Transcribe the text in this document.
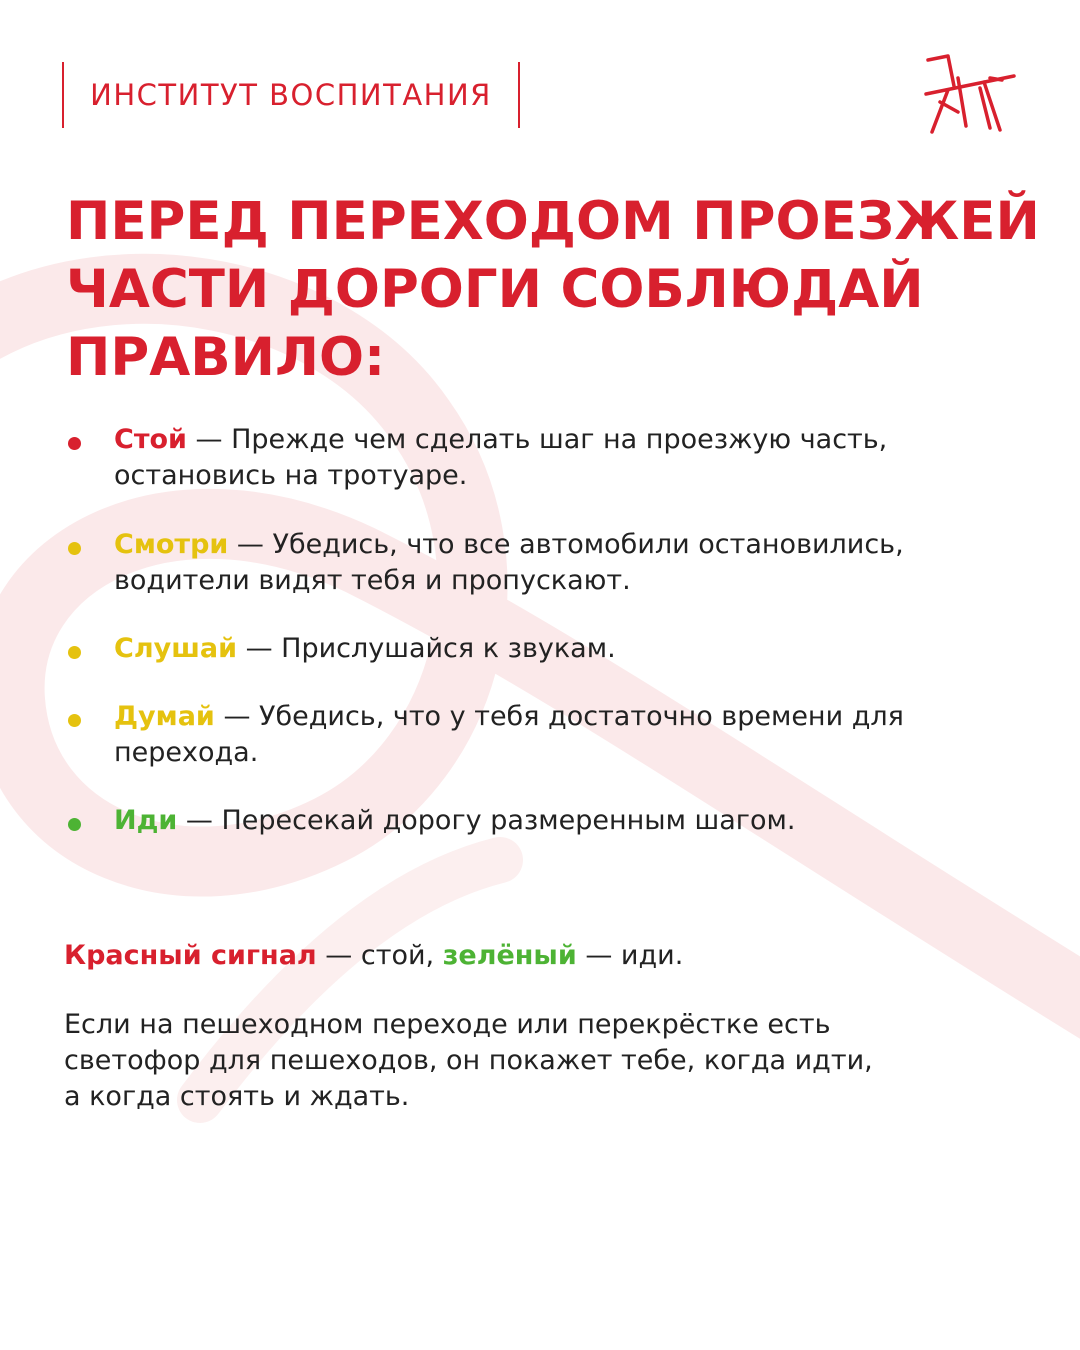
ИНСТИТУТ ВОСПИТАНИЯ
ПЕРЕД ПЕРЕХОДОМ ПРОЕЗЖЕЙ
ЧАСТИ ДОРОГИ СОБЛЮДАЙ
ПРАВИЛО:
Стой — Прежде чем сделать шаг на проезжую часть, остановись на тротуаре.
Смотри — Убедись, что все автомобили остановились, водители видят тебя и пропускают.
Слушай — Прислушайся к звукам.
Думай — Убедись, что у тебя достаточно времени для перехода.
Иди — Пересекай дорогу размеренным шагом.
Красный сигнал — стой, зелёный — иди.
Если на пешеходном переходе или перекрёстке есть
светофор для пешеходов, он покажет тебе, когда идти,
а когда стоять и ждать.
